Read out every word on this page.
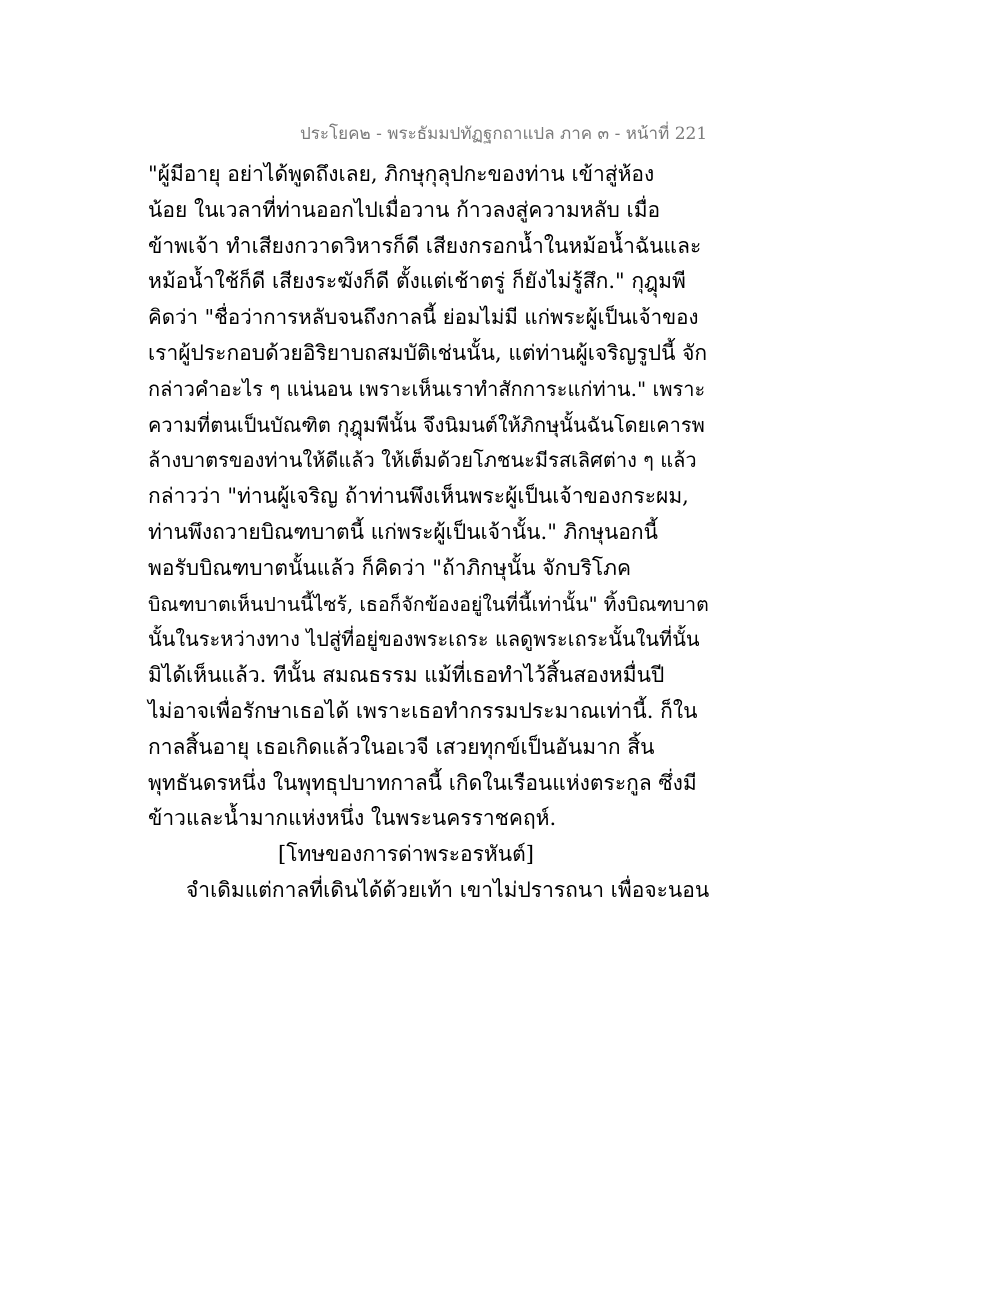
ประโยค๒ - พระธัมมปทัฏฐกถาแปล ภาค ๓ - หน้าที่ 221
"ผู้มีอายุ อย่าได้พูดถึงเลย, ภิกษุกุลุปกะของท่าน เข้าสู่ห้อง
น้อย ในเวลาที่ท่านออกไปเมื่อวาน ก้าวลงสู่ความหลับ เมื่อ
ข้าพเจ้า ทำเสียงกวาดวิหารก็ดี เสียงกรอกน้ำในหม้อน้ำฉันและ
หม้อน้ำใช้ก็ดี เสียงระฆังก็ดี ตั้งแต่เช้าตรู่ ก็ยังไม่รู้สึก." กุฎุมพี
คิดว่า "ชื่อว่าการหลับจนถึงกาลนี้ ย่อมไม่มี แก่พระผู้เป็นเจ้าของ
เราผู้ประกอบด้วยอิริยาบถสมบัติเช่นนั้น, แต่ท่านผู้เจริญรูปนี้ จัก
กล่าวคำอะไร ๆ แน่นอน เพราะเห็นเราทำสักการะแก่ท่าน." เพราะ
ความที่ตนเป็นบัณฑิต กุฎุมพีนั้น จึงนิมนต์ให้ภิกษุนั้นฉันโดยเคารพ
ล้างบาตรของท่านให้ดีแล้ว ให้เต็มด้วยโภชนะมีรสเลิศต่าง ๆ แล้ว
กล่าวว่า "ท่านผู้เจริญ ถ้าท่านพึงเห็นพระผู้เป็นเจ้าของกระผม,
ท่านพึงถวายบิณฑบาตนี้ แก่พระผู้เป็นเจ้านั้น." ภิกษุนอกนี้
พอรับบิณฑบาตนั้นแล้ว ก็คิดว่า "ถ้าภิกษุนั้น จักบริโภค
บิณฑบาตเห็นปานนี้ไซร้, เธอก็จักข้องอยู่ในที่นี้เท่านั้น" ทิ้งบิณฑบาต
นั้นในระหว่างทาง ไปสู่ที่อยู่ของพระเถระ แลดูพระเถระนั้นในที่นั้น
มิได้เห็นแล้ว. ทีนั้น สมณธรรม แม้ที่เธอทำไว้สิ้นสองหมื่นปี
ไม่อาจเพื่อรักษาเธอได้ เพราะเธอทำกรรมประมาณเท่านี้. ก็ใน
กาลสิ้นอายุ เธอเกิดแล้วในอเวจี เสวยทุกข์เป็นอันมาก สิ้น
พุทธันดรหนึ่ง ในพุทธุปบาทกาลนี้ เกิดในเรือนแห่งตระกูล ซึ่งมี
ข้าวและน้ำมากแห่งหนึ่ง ในพระนครราชคฤห์.
[โทษของการด่าพระอรหันต์]
จำเดิมแต่กาลที่เดินได้ด้วยเท้า เขาไม่ปรารถนา เพื่อจะนอน
